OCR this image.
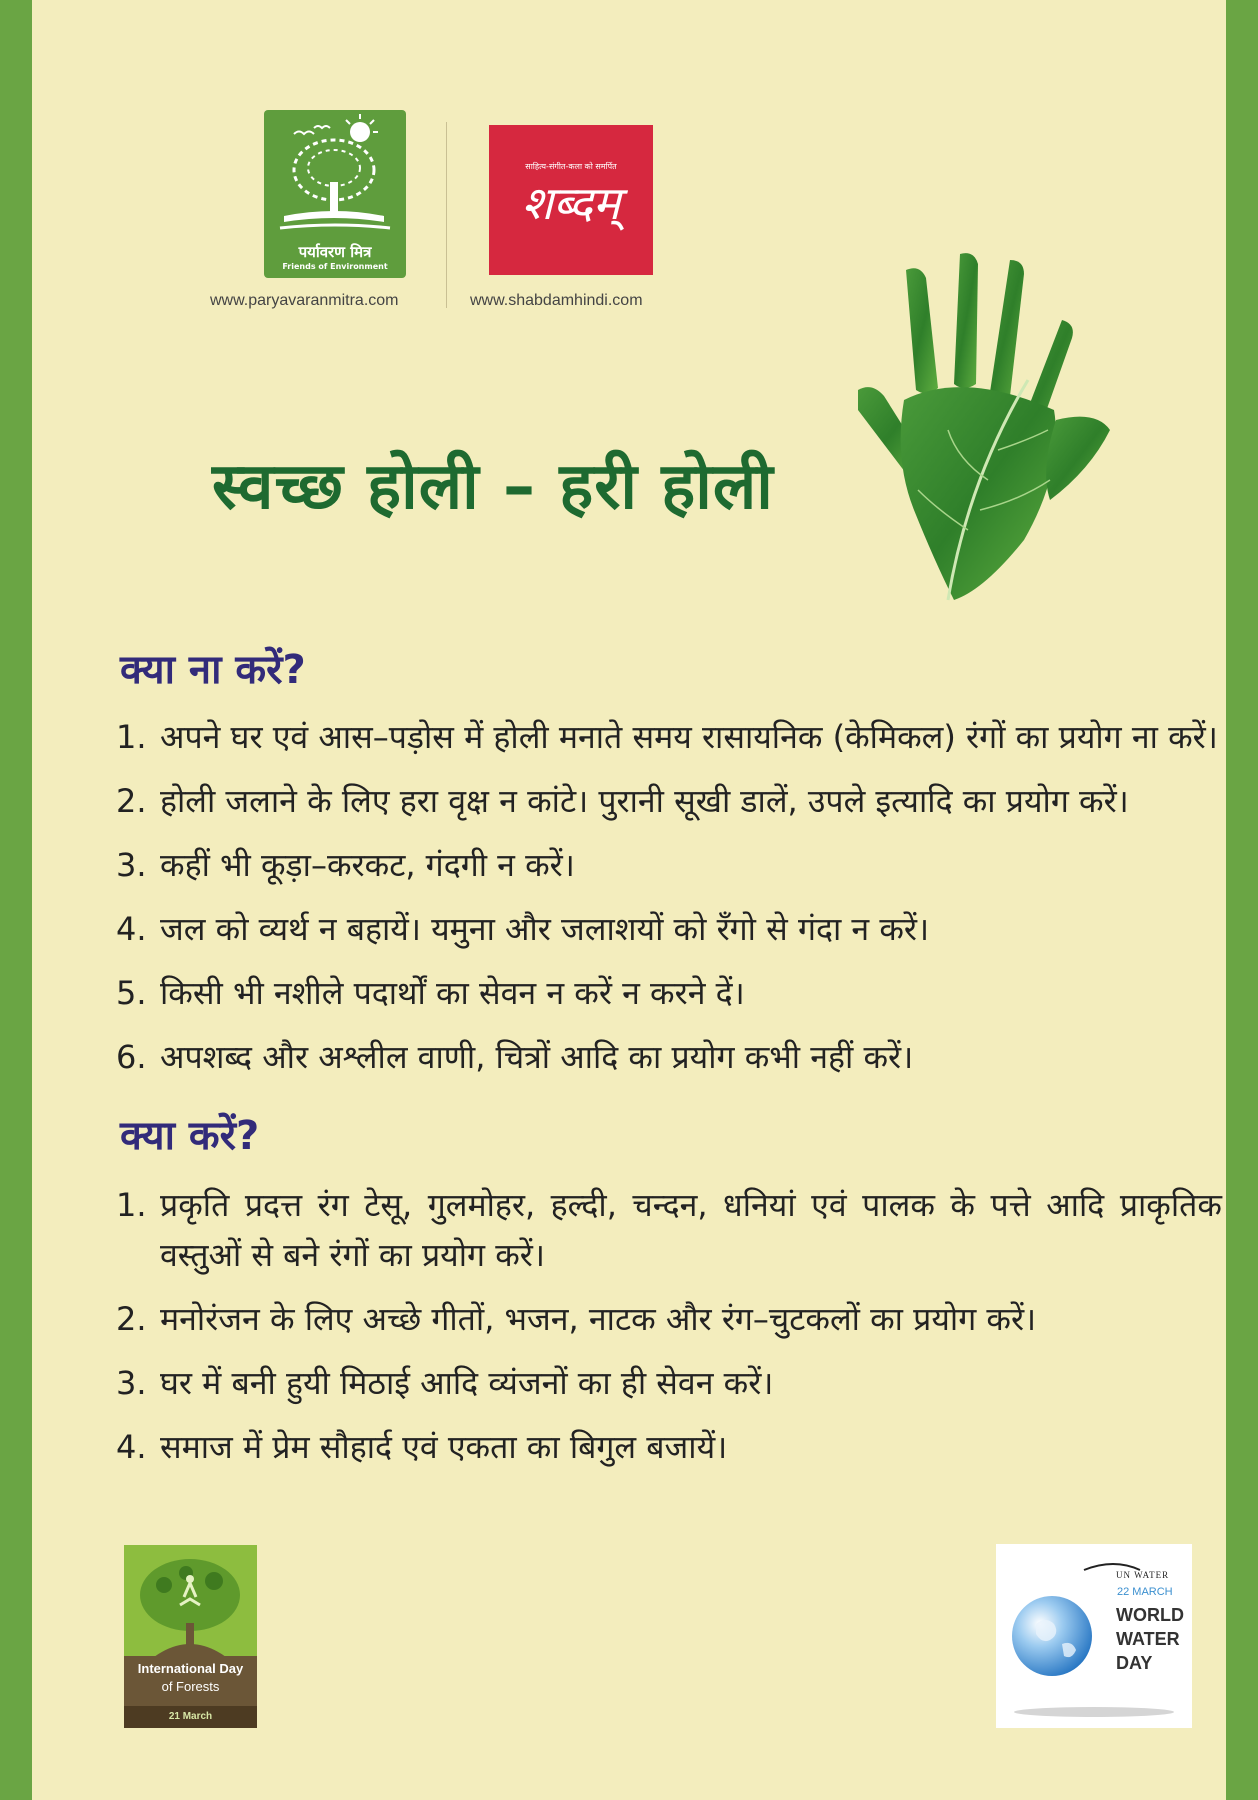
पर्यावरण मित्र
Friends of Environment
साहित्य-संगीत-कला को समर्पित
शब्दम्
www.paryavaranmitra.com	www.shabdamhindi.com
स्वच्छ होली – हरी होली
क्या ना करें?
1. अपने घर एवं आस–पड़ोस में होली मनाते समय रासायनिक (केमिकल) रंगों का प्रयोग ना करें।
2. होली जलाने के लिए हरा वृक्ष न कांटे। पुरानी सूखी डालें, उपले इत्यादि का प्रयोग करें।
3. कहीं भी कूड़ा–करकट, गंदगी न करें।
4. जल को व्यर्थ न बहायें। यमुना और जलाशयों को रँगो से गंदा न करें।
5. किसी भी नशीले पदार्थों का सेवन न करें न करने दें।
6. अपशब्द और अश्लील वाणी, चित्रों आदि का प्रयोग कभी नहीं करें।
क्या करें?
1. प्रकृति प्रदत्त रंग टेसू, गुलमोहर, हल्दी, चन्दन, धनियां एवं पालक के पत्ते आदि प्राकृतिक वस्तुओं से बने रंगों का प्रयोग करें।
2. मनोरंजन के लिए अच्छे गीतों, भजन, नाटक और रंग–चुटकलों का प्रयोग करें।
3. घर में बनी हुयी मिठाई आदि व्यंजनों का ही सेवन करें।
4. समाज में प्रेम सौहार्द एवं एकता का बिगुल बजायें।
International Day
of Forests
21 March
UN WATER
22 MARCH
WORLD
WATER
DAY
